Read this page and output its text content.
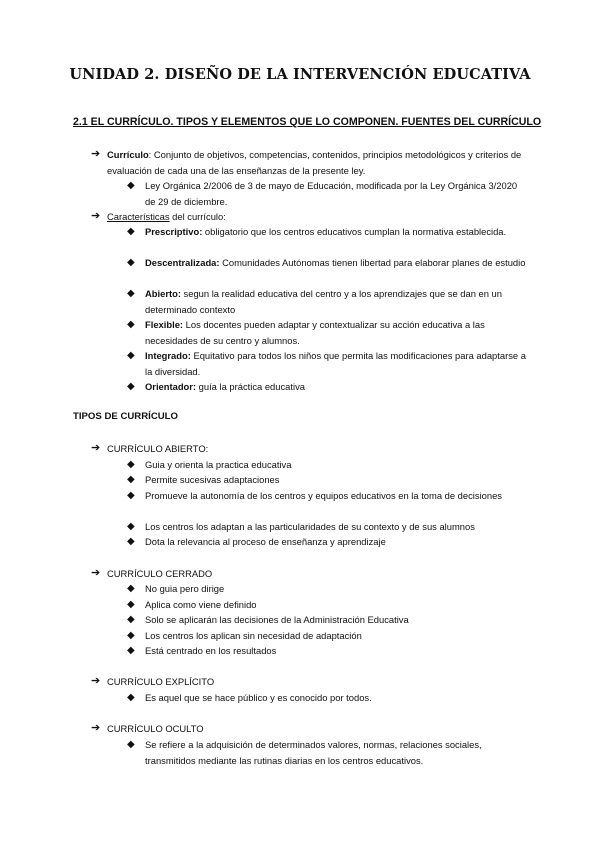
UNIDAD 2. DISEÑO DE LA INTERVENCIÓN EDUCATIVA
2.1 EL CURRÍCULO. TIPOS Y ELEMENTOS QUE LO COMPONEN. FUENTES DEL CURRÍCULO
➔ Currículo: Conjunto de objetivos, competencias, contenidos, principios metodológicos y criterios de evaluación de cada una de las enseñanzas de la presente ley.
◆ Ley Orgánica 2/2006 de 3 de mayo de Educación, modificada por la Ley Orgánica 3/2020 de 29 de diciembre.
➔ Características del currículo:
◆ Prescriptivo: obligatorio que los centros educativos cumplan la normativa establecida.
◆ Descentralizada: Comunidades Autónomas tienen libertad para elaborar planes de estudio
◆ Abierto: segun la realidad educativa del centro y a los aprendizajes que se dan en un determinado contexto
◆ Flexible: Los docentes pueden adaptar y contextualizar su acción educativa a las necesidades de su centro y alumnos.
◆ Integrado: Equitativo para todos los niños que permita las modificaciones para adaptarse a la diversidad.
◆ Orientador: guía la práctica educativa
TIPOS DE CURRÍCULO
➔ CURRÍCULO ABIERTO:
◆ Guia y orienta la practica educativa
◆ Permite sucesivas adaptaciones
◆ Promueve la autonomía de los centros y equipos educativos en la toma de decisiones
◆ Los centros los adaptan a las particularidades de su contexto y de sus alumnos
◆ Dota la relevancia al proceso de enseñanza y aprendizaje
➔ CURRÍCULO CERRADO
◆ No guia pero dirige
◆ Aplica como viene definido
◆ Solo se aplicarán las decisiones de la Administración Educativa
◆ Los centros los aplican sin necesidad de adaptación
◆ Está centrado en los resultados
➔ CURRÍCULO EXPLÍCITO
◆ Es aquel que se hace público y es conocido por todos.
➔ CURRÍCULO OCULTO
◆ Se refiere a la adquisición de determinados valores, normas, relaciones sociales, transmitidos mediante las rutinas diarias en los centros educativos.
